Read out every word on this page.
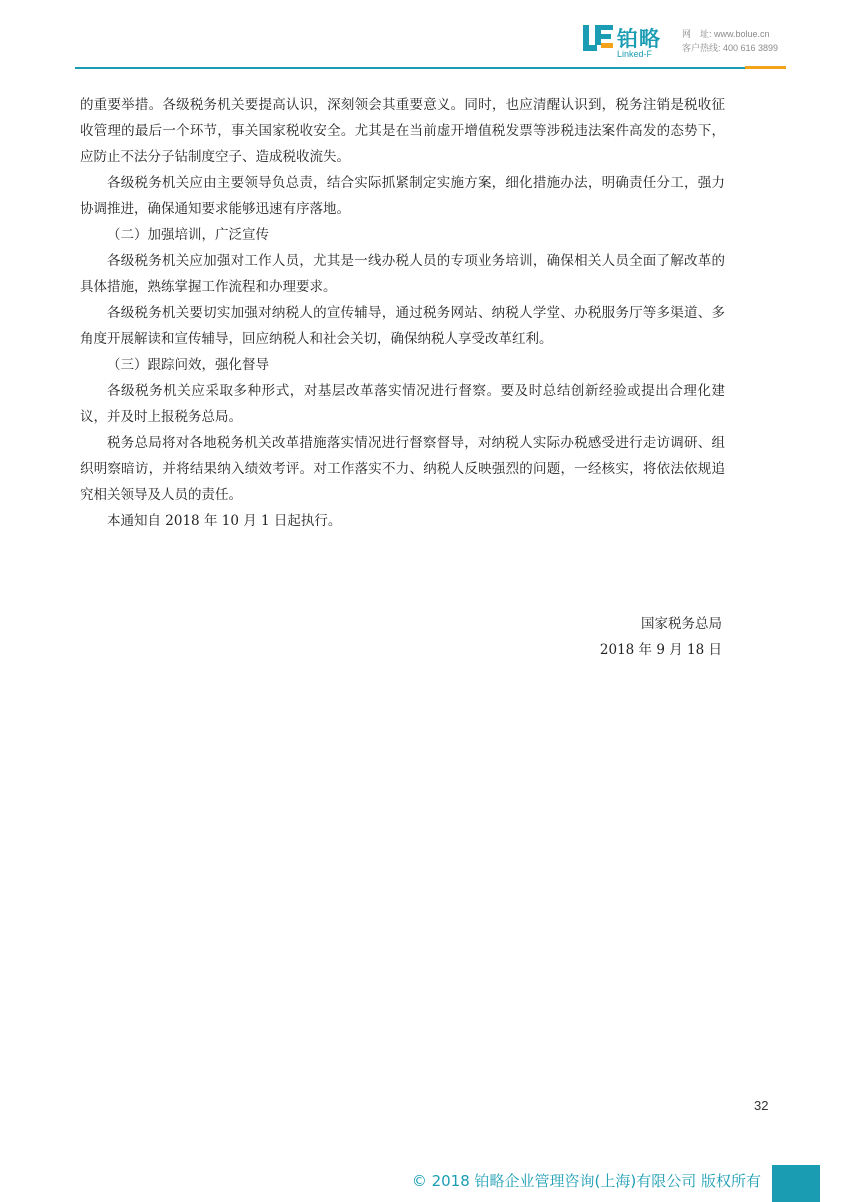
铂略
Linked-F
网　址: www.bolue.cn
客户热线: 400 616 3899

的重要举措。各级税务机关要提高认识，深刻领会其重要意义。同时，也应清醒认识到，税务注销是税收征收管理的最后一个环节，事关国家税收安全。尤其是在当前虚开增值税发票等涉税违法案件高发的态势下，应防止不法分子钻制度空子、造成税收流失。

各级税务机关应由主要领导负总责，结合实际抓紧制定实施方案，细化措施办法，明确责任分工，强力协调推进，确保通知要求能够迅速有序落地。

（二）加强培训，广泛宣传

各级税务机关应加强对工作人员，尤其是一线办税人员的专项业务培训，确保相关人员全面了解改革的具体措施，熟练掌握工作流程和办理要求。

各级税务机关要切实加强对纳税人的宣传辅导，通过税务网站、纳税人学堂、办税服务厅等多渠道、多角度开展解读和宣传辅导，回应纳税人和社会关切，确保纳税人享受改革红利。

（三）跟踪问效，强化督导

各级税务机关应采取多种形式，对基层改革落实情况进行督察。要及时总结创新经验或提出合理化建议，并及时上报税务总局。

税务总局将对各地税务机关改革措施落实情况进行督察督导，对纳税人实际办税感受进行走访调研、组织明察暗访，并将结果纳入绩效考评。对工作落实不力、纳税人反映强烈的问题，一经核实，将依法依规追究相关领导及人员的责任。

本通知自 2018 年 10 月 1 日起执行。

国家税务总局
2018 年 9 月 18 日
32
© 2018 铂略企业管理咨询(上海)有限公司 版权所有
